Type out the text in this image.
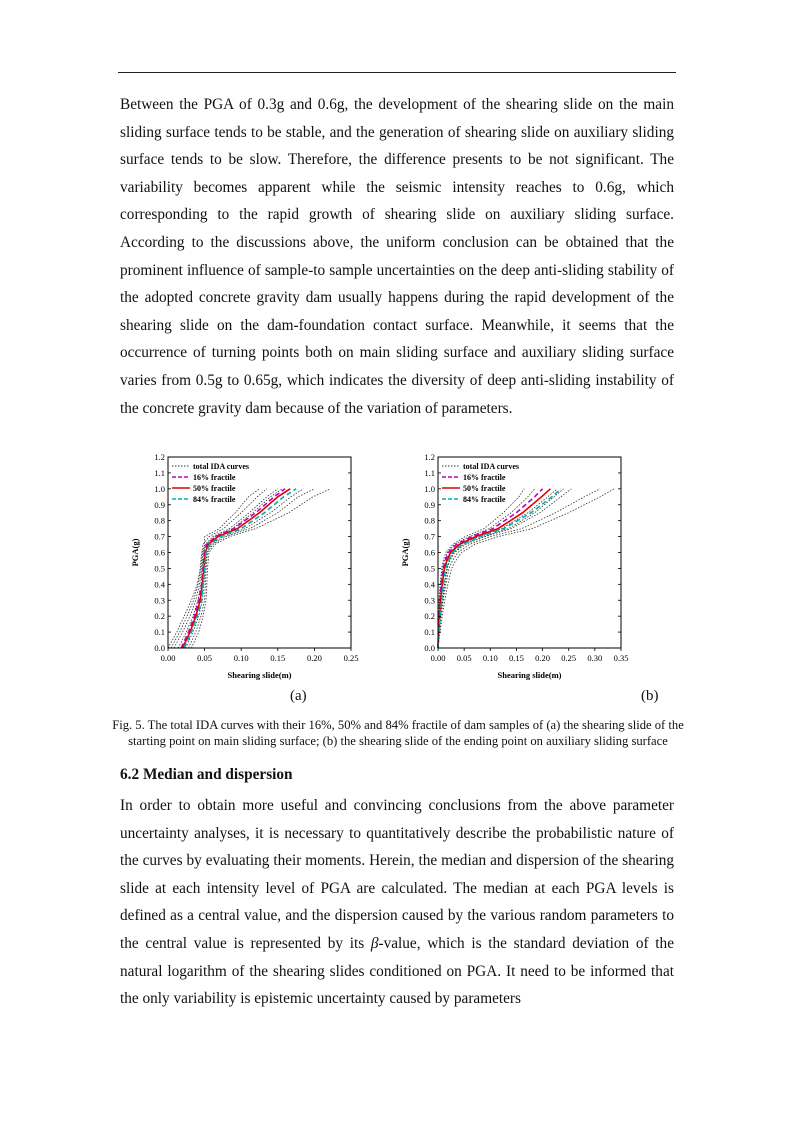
Between the PGA of 0.3g and 0.6g, the development of the shearing slide on the main sliding surface tends to be stable, and the generation of shearing slide on auxiliary sliding surface tends to be slow. Therefore, the difference presents to be not significant. The variability becomes apparent while the seismic intensity reaches to 0.6g, which corresponding to the rapid growth of shearing slide on auxiliary sliding surface. According to the discussions above, the uniform conclusion can be obtained that the prominent influence of sample-to sample uncertainties on the deep anti-sliding stability of the adopted concrete gravity dam usually happens during the rapid development of the shearing slide on the dam-foundation contact surface. Meanwhile, it seems that the occurrence of turning points both on main sliding surface and auxiliary sliding surface varies from 0.5g to 0.65g, which indicates the diversity of deep anti-sliding instability of the concrete gravity dam because of the variation of parameters.

0.0
0.1
0.2
0.3
0.4
0.5
0.6
0.7
0.8
0.9
1.0
1.1
1.2
0.00	0.05	0.10	0.15	0.20	0.25
Shearing slide(m)
PGA(g)
total IDA curves
16% fractile
50% fractile
84% fractile
0.0
0.1
0.2
0.3
0.4
0.5
0.6
0.7
0.8
0.9
1.0
1.1
1.2
0.00 0.05 0.10 0.15 0.20 0.25 0.30 0.35
Shearing slide(m)
PGA(g)
total IDA curves
16% fractile
50% fractile
84% fractile
(a)	(b)

Fig. 5. The total IDA curves with their 16%, 50% and 84% fractile of dam samples of (a) the shearing slide of the starting point on main sliding surface; (b) the shearing slide of the ending point on auxiliary sliding surface

6.2 Median and dispersion

In order to obtain more useful and convincing conclusions from the above parameter uncertainty analyses, it is necessary to quantitatively describe the probabilistic nature of the curves by evaluating their moments. Herein, the median and dispersion of the shearing slide at each intensity level of PGA are calculated. The median at each PGA levels is defined as a central value, and the dispersion caused by the various random parameters to the central value is represented by its β-value, which is the standard deviation of the natural logarithm of the shearing slides conditioned on PGA. It need to be informed that the only variability is epistemic uncertainty caused by parameters
